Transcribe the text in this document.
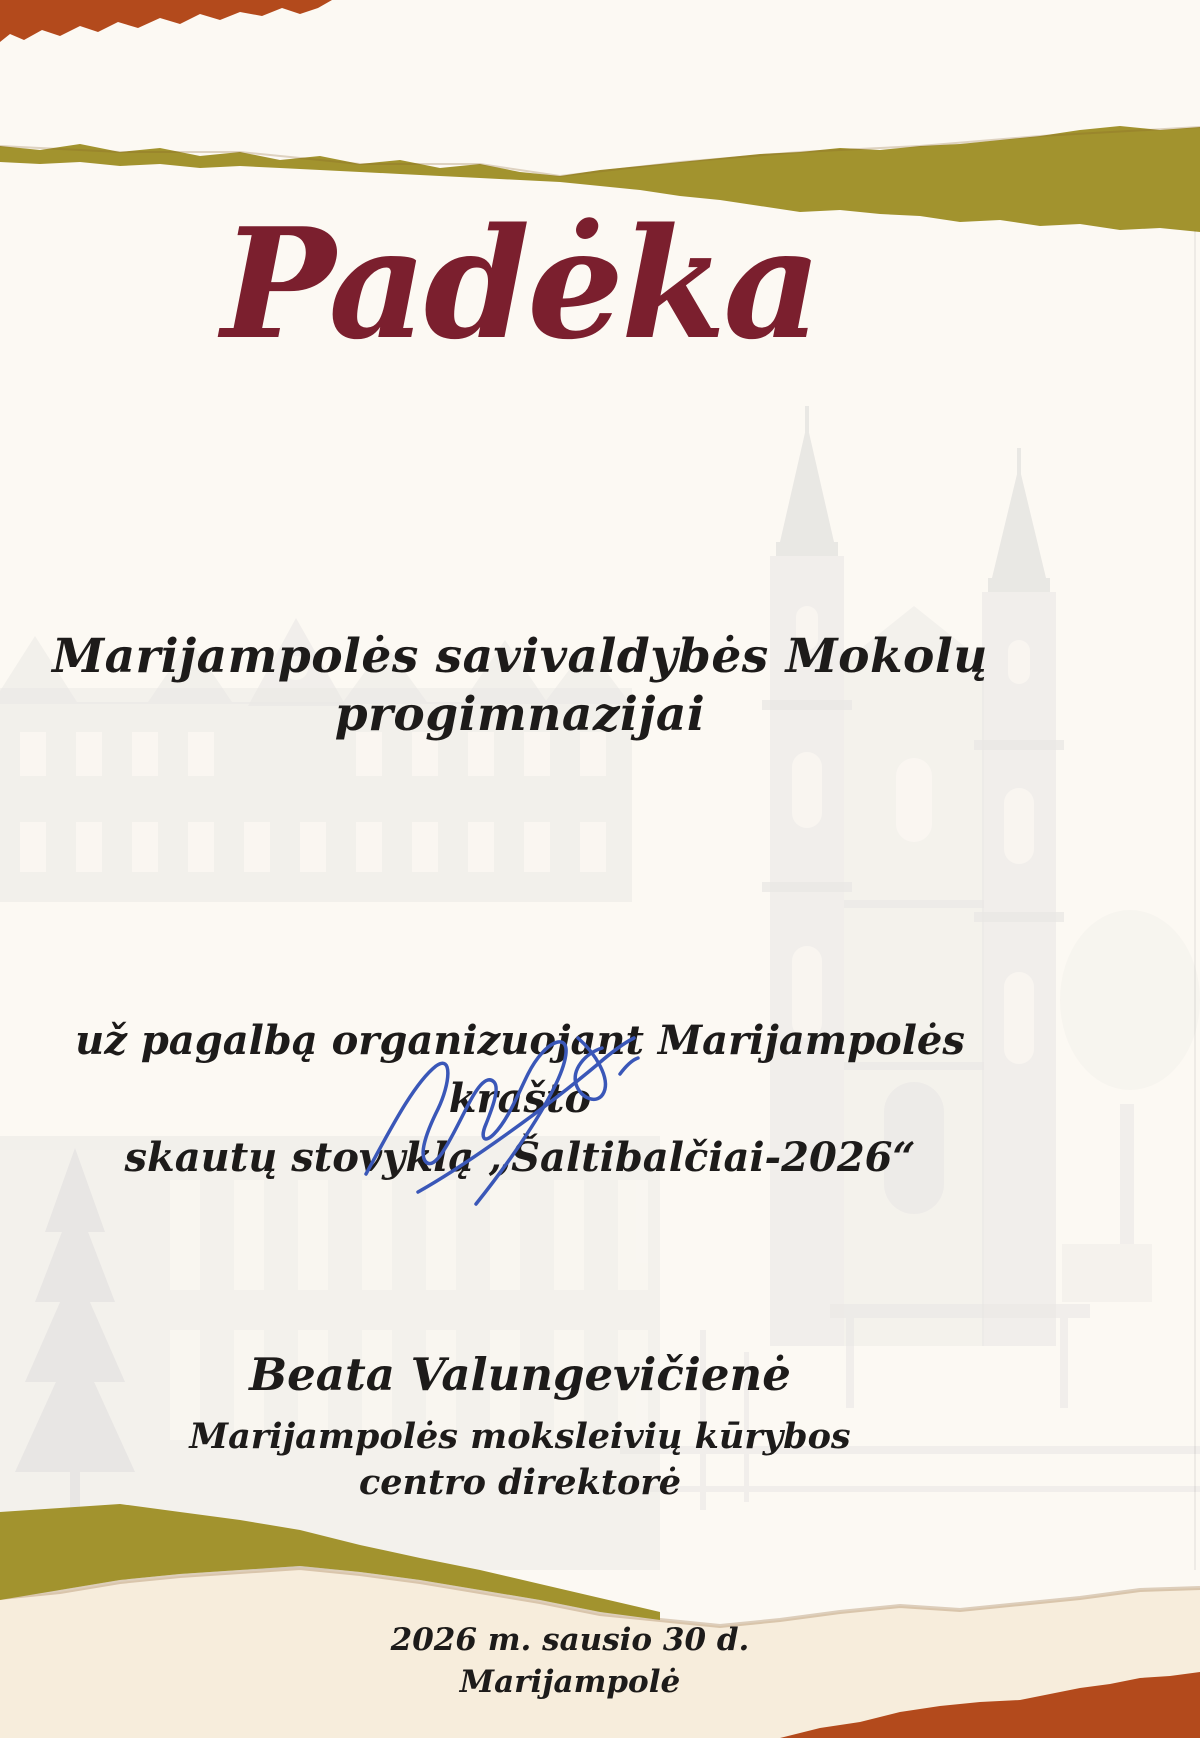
Padėka
Marijampolės savivaldybės Mokolų
progimnazijai
už pagalbą organizuojant Marijampolės krašto
skautų stovyklą „Šaltibalčiai-2026“
Beata Valungevičienė
Marijampolės moksleivių kūrybos
centro direktorė
2026 m. sausio 30 d.
Marijampolė
